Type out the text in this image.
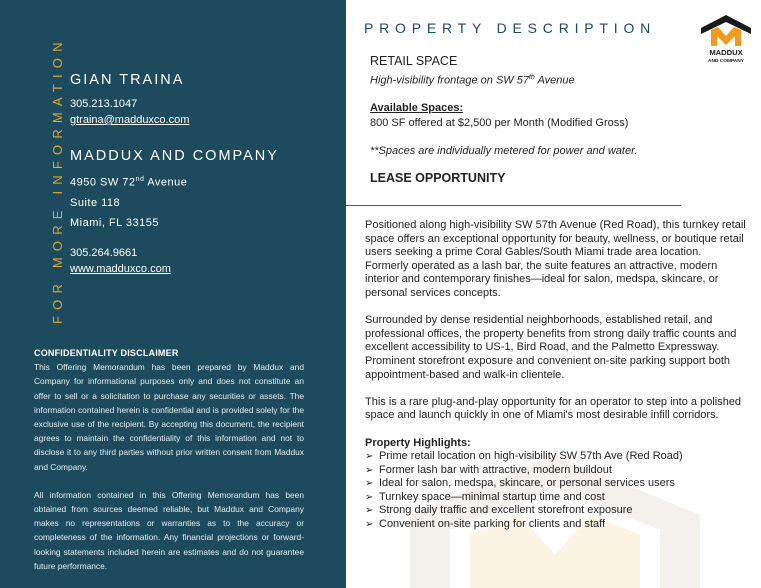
FOR MORE INFORMATION GIAN TRAINA
305.213.1047
gtraina@madduxco.com
MADDUX AND COMPANY
4950 SW 72nd Avenue
Suite 118
Miami, FL 33155
305.264.9661
www.madduxco.com
CONFIDENTIALITY DISCLAIMER

This Offering Memorandum has been prepared by Maddux and Company for informational purposes only and does not constitute an offer to sell or a solicitation to purchase any securities or assets. The information contained herein is confidential and is provided solely for the exclusive use of the recipient. By accepting this document, the recipient agrees to maintain the confidentiality of this information and not to disclose it to any third parties without prior written consent from Maddux and Company.

All information contained in this Offering Memorandum has been obtained from sources deemed reliable, but Maddux and Company makes no representations or warranties as to the accuracy or completeness of the information. Any financial projections or forward-looking statements included herein are estimates and do not guarantee future performance.

PROPERTY DESCRIPTION
MADDUX
AND COMPANY
RETAIL SPACE
High-visibility frontage on SW 57th Avenue
Available Spaces:
800 SF offered at $2,500 per Month (Modified Gross)
**Spaces are individually metered for power and water.
LEASE OPPORTUNITY

Positioned along high-visibility SW 57th Avenue (Red Road), this turnkey retail space offers an exceptional opportunity for beauty, wellness, or boutique retail users seeking a prime Coral Gables/South Miami trade area location. Formerly operated as a lash bar, the suite features an attractive, modern interior and contemporary finishes—ideal for salon, medspa, skincare, or personal services concepts.

Surrounded by dense residential neighborhoods, established retail, and professional offices, the property benefits from strong daily traffic counts and excellent accessibility to US-1, Bird Road, and the Palmetto Expressway. Prominent storefront exposure and convenient on-site parking support both appointment-based and walk-in clientele.

This is a rare plug-and-play opportunity for an operator to step into a polished space and launch quickly in one of Miami's most desirable infill corridors.

Property Highlights:
➢ Prime retail location on high-visibility SW 57th Ave (Red Road)
➢ Former lash bar with attractive, modern buildout
➢ Ideal for salon, medspa, skincare, or personal services users
➢ Turnkey space—minimal startup time and cost
➢ Strong daily traffic and excellent storefront exposure
➢ Convenient on-site parking for clients and staff
